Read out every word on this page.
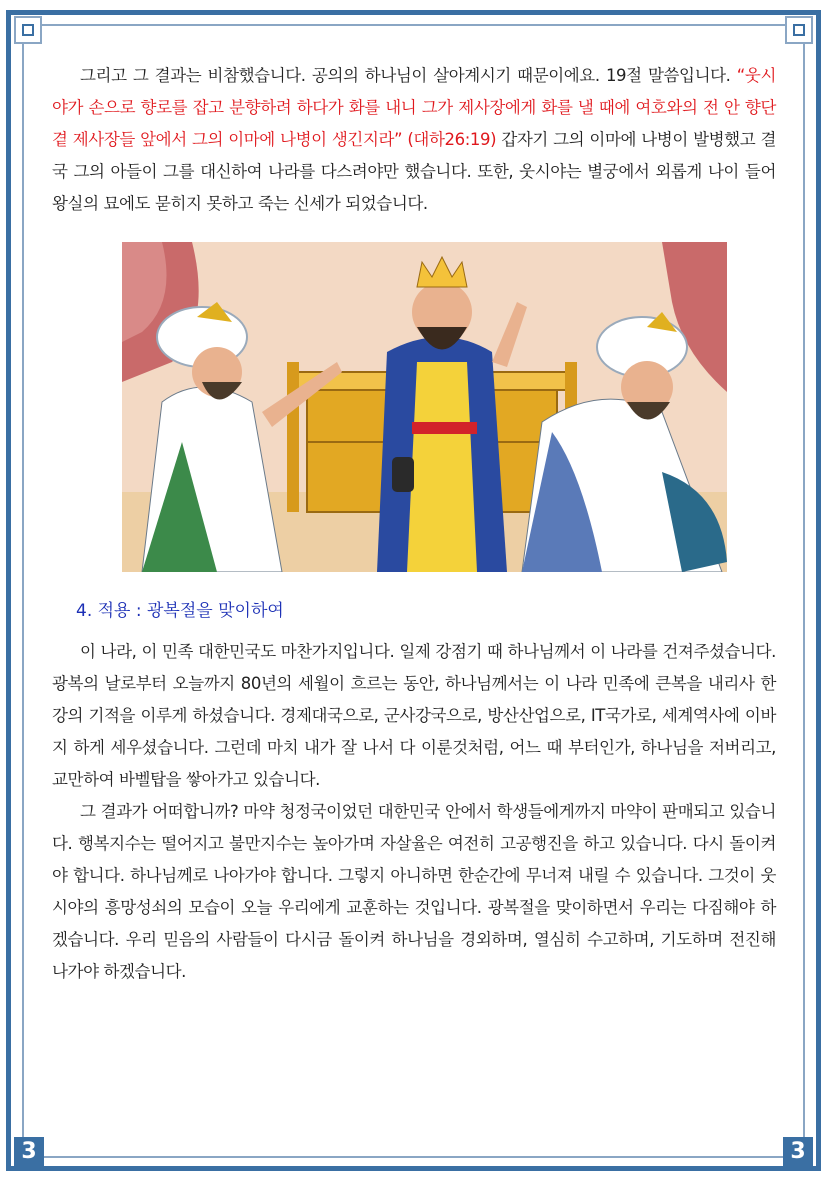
그리고 그 결과는 비참했습니다. 공의의 하나님이 살아계시기 때문이에요. 19절 말씀입니다. “웃시야가 손으로 향로를 잡고 분향하려 하다가 화를 내니 그가 제사장에게 화를 낼 때에 여호와의 전 안 향단 곁 제사장들 앞에서 그의 이마에 나병이 생긴지라” (대하26:19) 갑자기 그의 이마에 나병이 발병했고 결국 그의 아들이 그를 대신하여 나라를 다스려야만 했습니다. 또한, 웃시야는 별궁에서 외롭게 나이 들어 왕실의 묘에도 묻히지 못하고 죽는 신세가 되었습니다.

4. 적용 : 광복절을 맞이하여

이 나라, 이 민족 대한민국도 마찬가지입니다. 일제 강점기 때 하나님께서 이 나라를 건져주셨습니다. 광복의 날로부터 오늘까지 80년의 세월이 흐르는 동안, 하나님께서는 이 나라 민족에 큰복을 내리사 한강의 기적을 이루게 하셨습니다. 경제대국으로, 군사강국으로, 방산산업으로, IT국가로, 세계역사에 이바지 하게 세우셨습니다. 그런데 마치 내가 잘 나서 다 이룬것처럼, 어느 때 부터인가, 하나님을 저버리고, 교만하여 바벨탑을 쌓아가고 있습니다.

그 결과가 어떠합니까? 마약 청정국이었던 대한민국 안에서 학생들에게까지 마약이 판매되고 있습니다. 행복지수는 떨어지고 불만지수는 높아가며 자살율은 여전히 고공행진을 하고 있습니다. 다시 돌이켜야 합니다. 하나님께로 나아가야 합니다. 그렇지 아니하면 한순간에 무너져 내릴 수 있습니다. 그것이 웃시야의 흥망성쇠의 모습이 오늘 우리에게 교훈하는 것입니다. 광복절을 맞이하면서 우리는 다짐해야 하겠습니다. 우리 믿음의 사람들이 다시금 돌이켜 하나님을 경외하며, 열심히 수고하며, 기도하며 전진해 나가야 하겠습니다.

3	3
